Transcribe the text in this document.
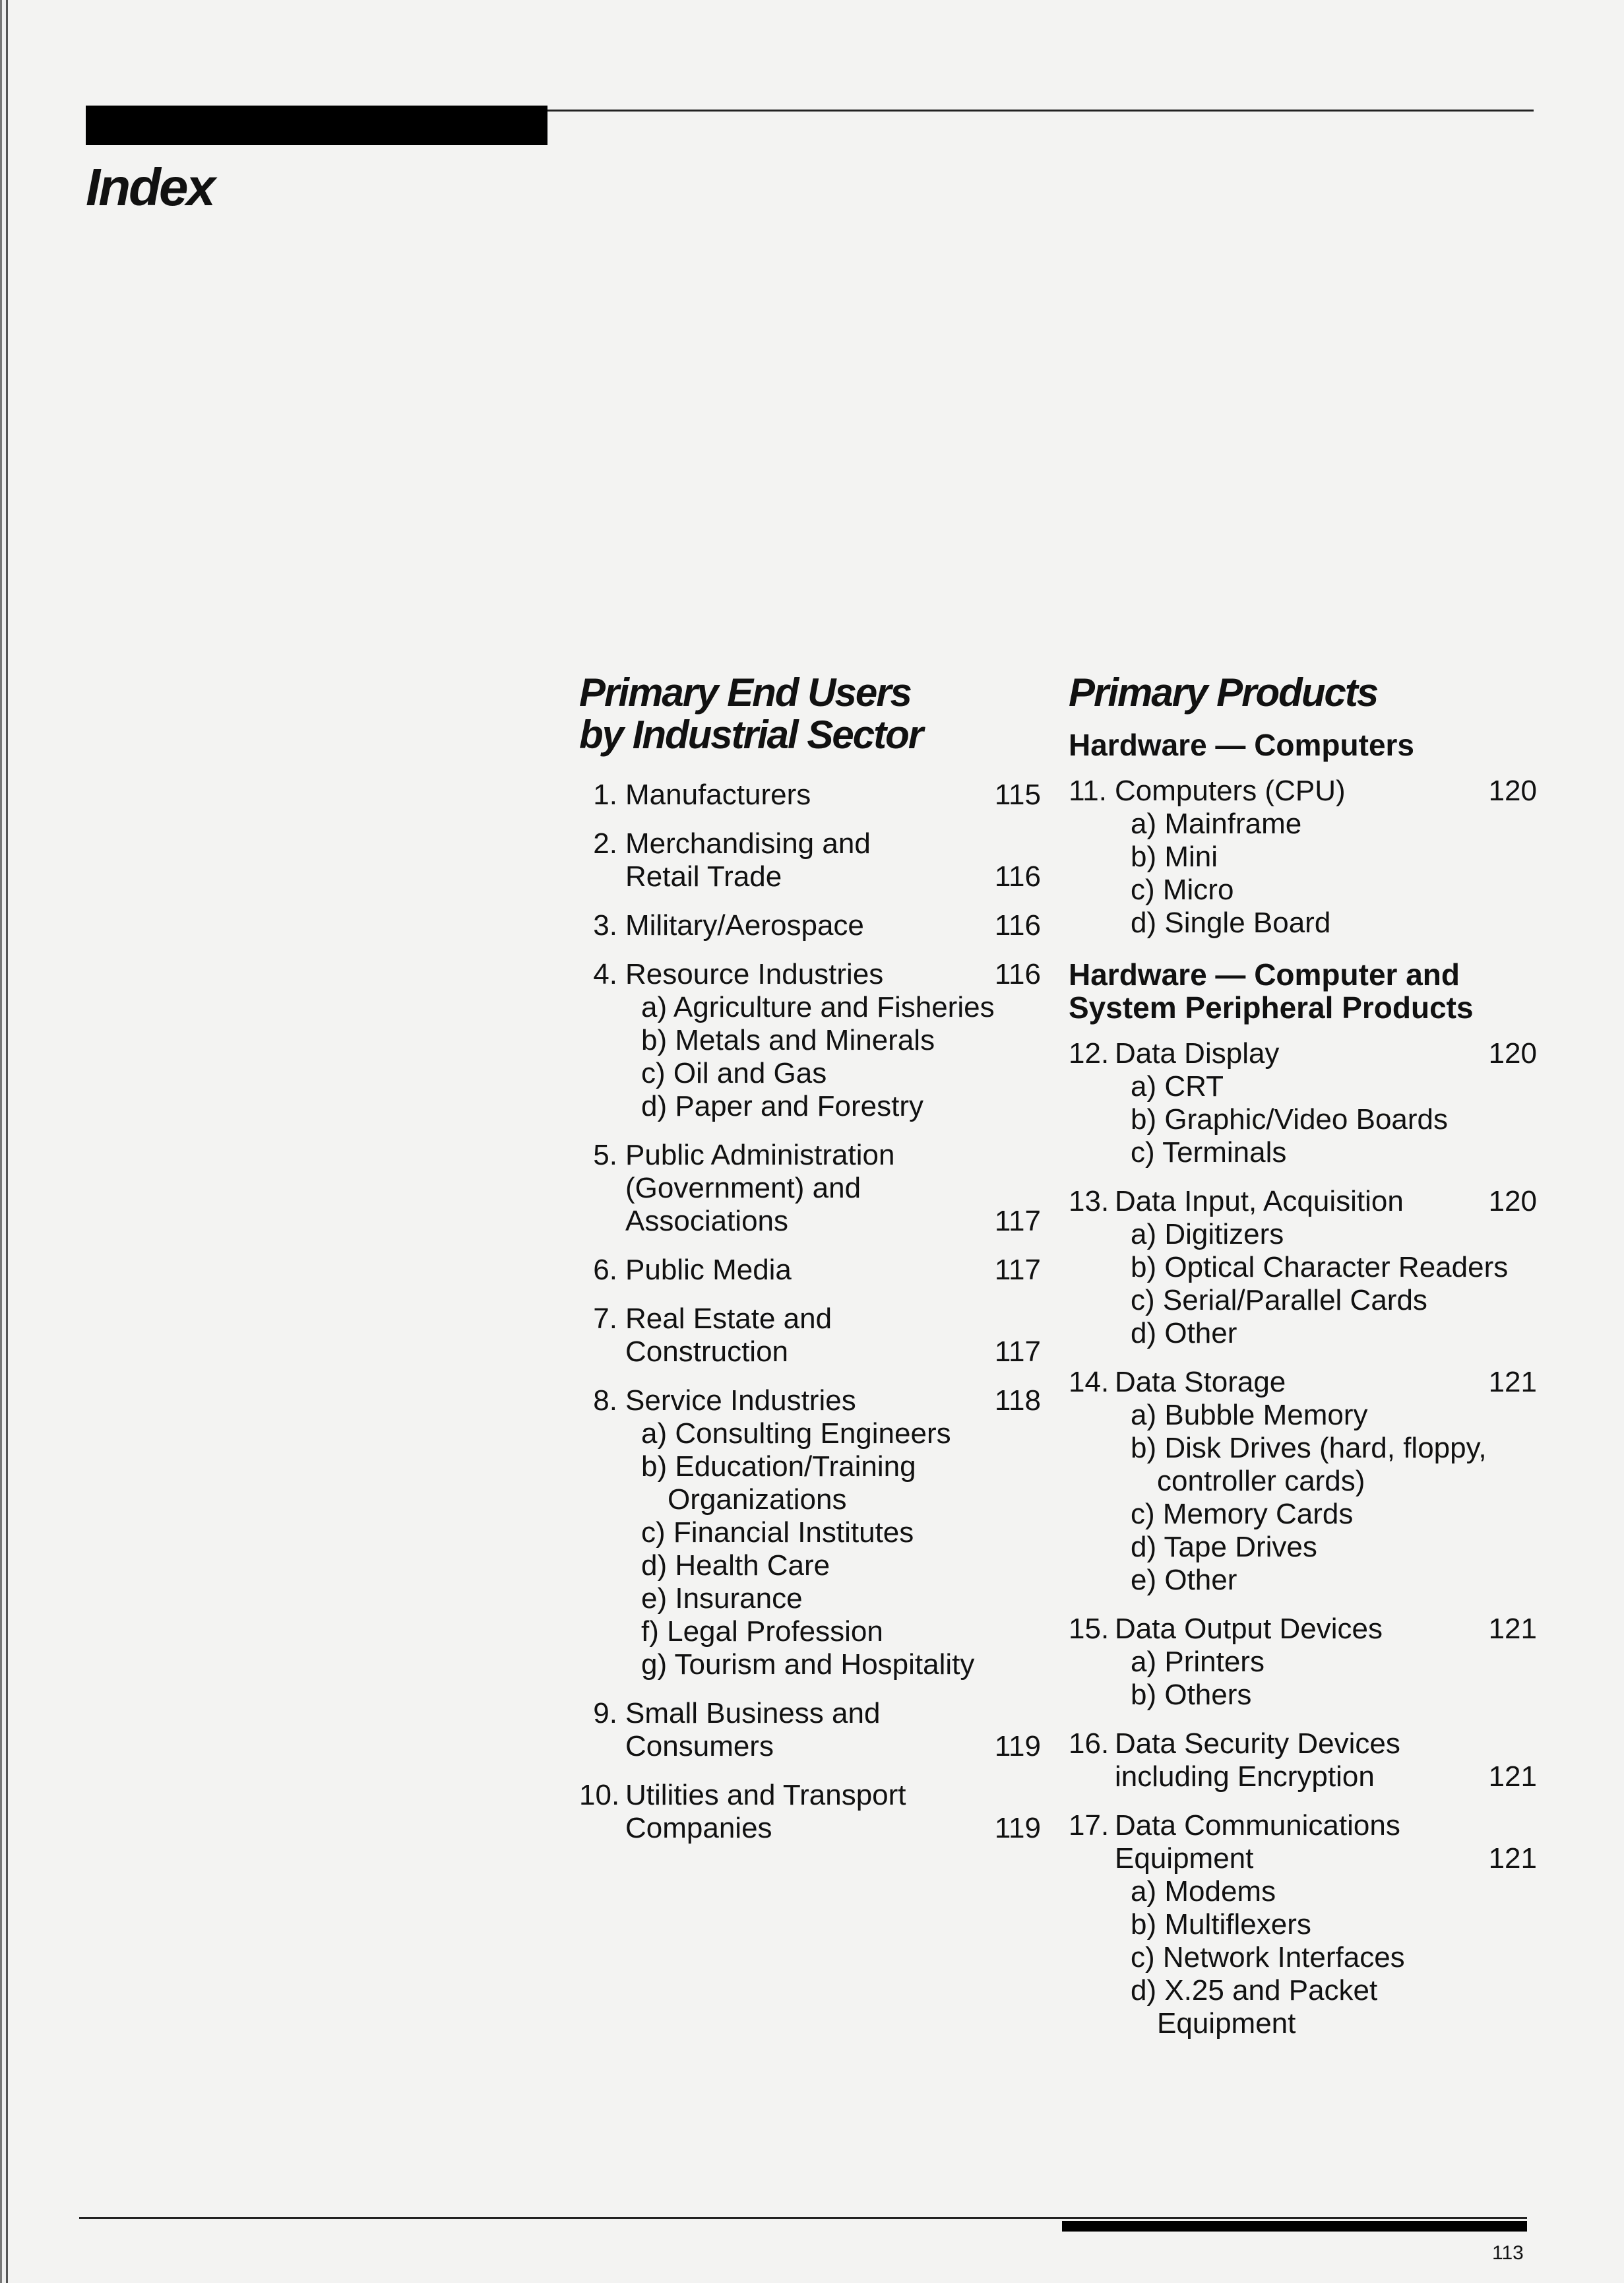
Index
Primary End Users
by Industrial Sector
1. Manufacturers	115
2. Merchandising and
Retail Trade	116
3. Military/Aerospace	116
4. Resource Industries	116
a) Agriculture and Fisheries
b) Metals and Minerals
c) Oil and Gas
d) Paper and Forestry
5. Public Administration
(Government) and
Associations	117
6. Public Media	117
7. Real Estate and
Construction	117
8. Service Industries	118
a) Consulting Engineers
b) Education/Training
Organizations
c) Financial Institutes
d) Health Care
e) Insurance
f) Legal Profession
g) Tourism and Hospitality
9. Small Business and
Consumers	119
10. Utilities and Transport
Companies	119
Primary Products
Hardware — Computers
11. Computers (CPU)	120
a) Mainframe
b) Mini
c) Micro
d) Single Board
Hardware — Computer and
System Peripheral Products
12. Data Display	120
a) CRT
b) Graphic/Video Boards
c) Terminals
13. Data Input, Acquisition	120
a) Digitizers
b) Optical Character Readers
c) Serial/Parallel Cards
d) Other
14. Data Storage	121
a) Bubble Memory
b) Disk Drives (hard, floppy,
controller cards)
c) Memory Cards
d) Tape Drives
e) Other
15. Data Output Devices	121
a) Printers
b) Others
16. Data Security Devices
including Encryption	121
17. Data Communications
Equipment	121
a) Modems
b) Multiflexers
c) Network Interfaces
d) X.25 and Packet
Equipment
113
